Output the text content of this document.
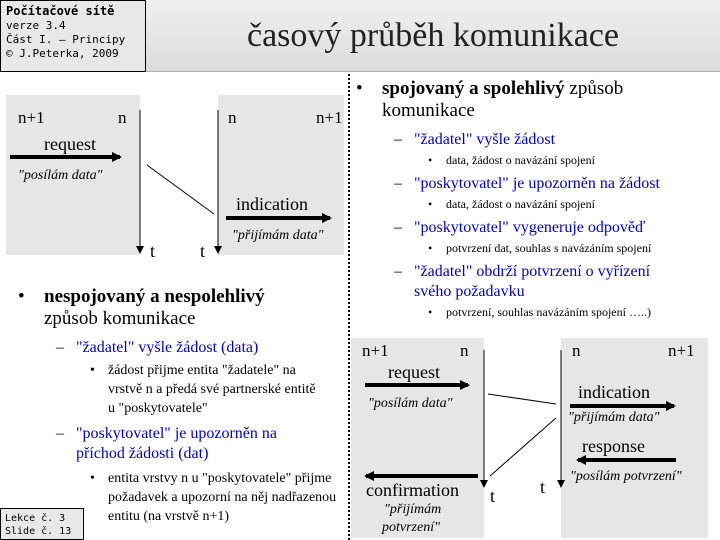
Počítačové sítě
verze 3.4
Část I. – Principy
© J.Peterka, 2009	časový průběh komunikace
n+1	n	n	n+1
request
"posílám data"
indication
"přijímám data"
t t
• nespojovaný a nespolehlivý
způsob komunikace
– "žadatel" vyšle žádost (data)
• žádost přijme entita "žadatele" na vrstvě n a předá své partnerské entitě u "poskytovatele"
– "poskytovatel" je upozorněn na příchod žádosti (dat)
• entita vrstvy n u "poskytovatele" přijme požadavek a upozorní na něj nadřazenou entitu (na vrstvě n+1)
• spojovaný a spolehlivý způsob komunikace
– "žadatel" vyšle žádost
• data, žádost o navázání spojení
– "poskytovatel" je upozorněn na žádost
• data, žádost o navázání spojení
– "poskytovatel" vygeneruje odpověď
• potvrzení dat, souhlas s navázáním spojení
– "žadatel" obdrží potvrzení o vyřízení svého požadavku
• potvrzení, souhlas navázáním spojení …..)
n+1	n	n	n+1
request
"posílám data"
indication
"přijímám data"
response
"posílám potvrzení"
confirmation
"přijímám
potvrzení"
t t
Lekce č. 3
Slide č. 13
